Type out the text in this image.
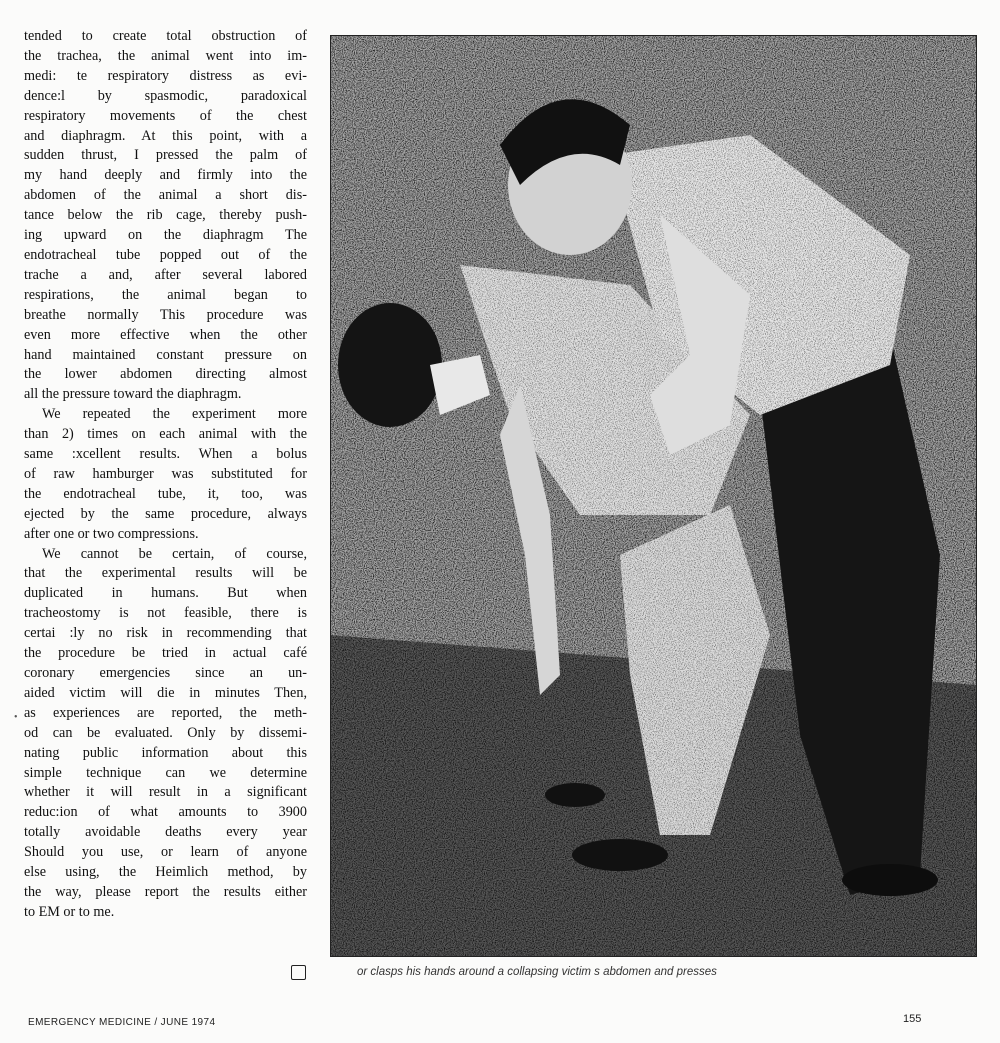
tended to create total obstruction of
the trachea, the animal went into im-
medi: te respiratory distress as evi-
dence:l by spasmodic, paradoxical
respiratory movements of the chest
and diaphragm. At this point, with a
sudden thrust, I pressed the palm of
my hand deeply and firmly into the
abdomen of the animal a short dis-
tance below the rib cage, thereby push-
ing upward on the diaphragm The
endotracheal tube popped out of the
trache a and, after several labored
respirations, the animal began to
breathe normally This procedure was
even more effective when the other
hand maintained constant pressure on
the lower abdomen directing almost
all the pressure toward the diaphragm.
We repeated the experiment more
than 2) times on each animal with the
same :xcellent results. When a bolus
of raw hamburger was substituted for
the endotracheal tube, it, too, was
ejected by the same procedure, always
after one or two compressions.
We cannot be certain, of course,
that the experimental results will be
duplicated in humans. But when
tracheostomy is not feasible, there is
certai :ly no risk in recommending that
the procedure be tried in actual café
coronary emergencies since an un-
aided victim will die in minutes Then,
as experiences are reported, the meth-
od can be evaluated. Only by dissemi-
nating public information about this
simple technique can we determine
whether it will result in a significant
reduc:ion of what amounts to 3900
totally avoidable deaths every year
Should you use, or learn of anyone
else using, the Heimlich method, by
the way, please report the results either
to EM or to me.
•
or clasps his hands around a collapsing victim s abdomen and presses
EMERGENCY MEDICINE / JUNE 1974	155
